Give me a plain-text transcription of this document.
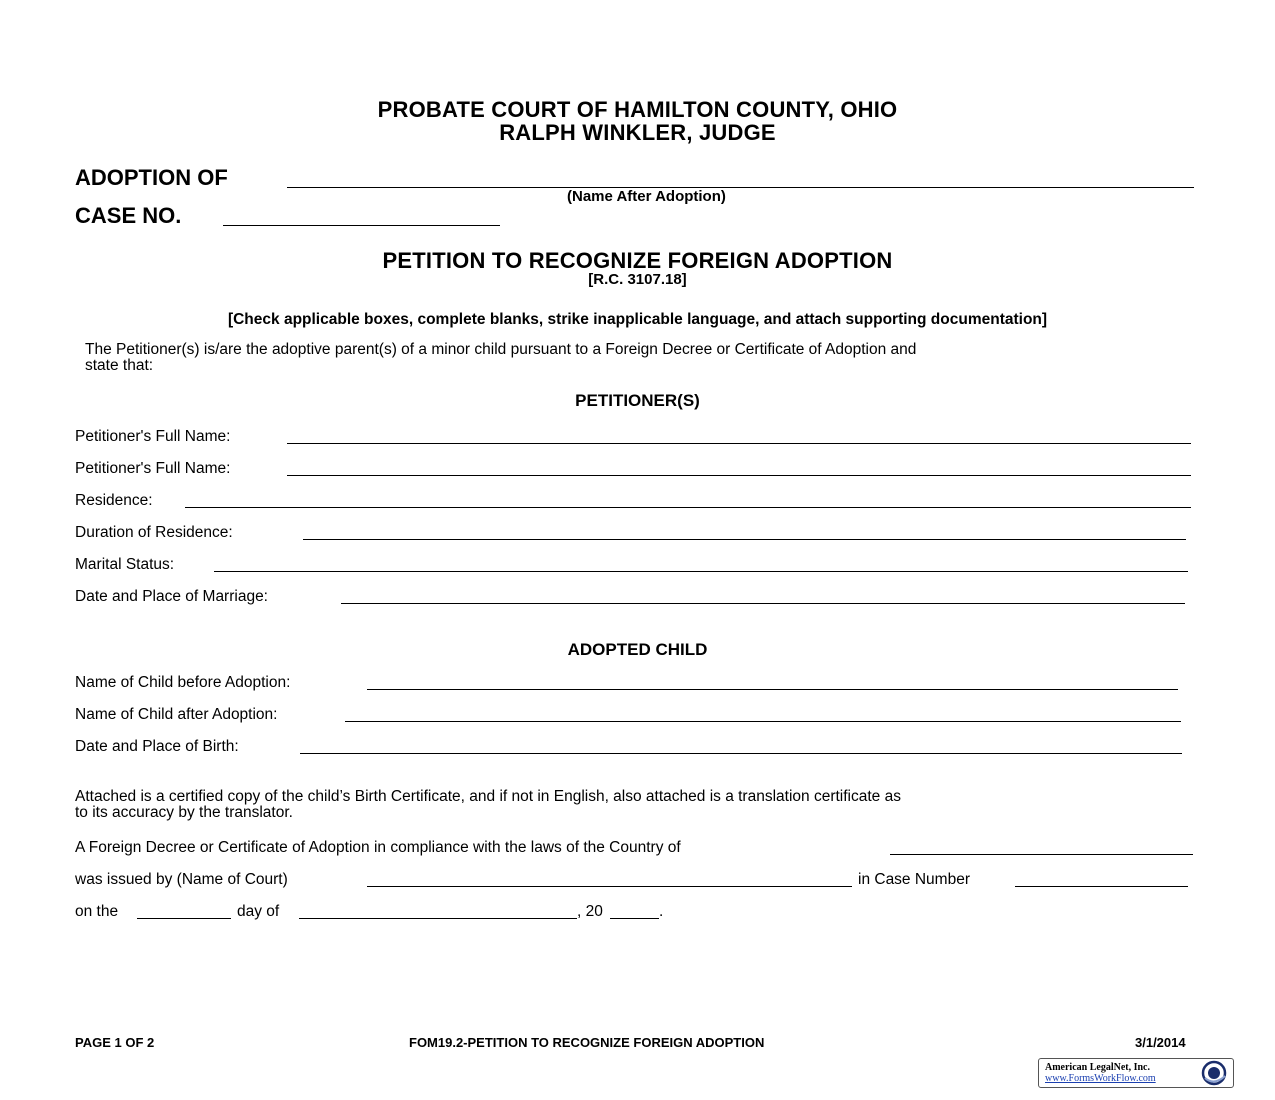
PROBATE COURT OF HAMILTON COUNTY, OHIO
RALPH WINKLER, JUDGE
ADOPTION OF
(Name After Adoption)
CASE NO.
PETITION TO RECOGNIZE FOREIGN ADOPTION
[R.C. 3107.18]
[Check applicable boxes, complete blanks, strike inapplicable language, and attach supporting documentation]
The Petitioner(s) is/are the adoptive parent(s) of a minor child pursuant to a Foreign Decree or Certificate of Adoption and
state that:
PETITIONER(S)
Petitioner's Full Name:
Petitioner's Full Name:
Residence:
Duration of Residence:
Marital Status:
Date and Place of Marriage:
ADOPTED CHILD
Name of Child before Adoption:
Name of Child after Adoption:
Date and Place of Birth:
Attached is a certified copy of the child’s Birth Certificate, and if not in English, also attached is a translation certificate as
to its accuracy by the translator.
A Foreign Decree or Certificate of Adoption in compliance with the laws of the Country of
was issued by (Name of Court)	in Case Number
on the	day of	, 20	.
PAGE 1 OF 2	FOM19.2-PETITION TO RECOGNIZE FOREIGN ADOPTION	3/1/2014
American LegalNet, Inc.
www.FormsWorkFlow.com
